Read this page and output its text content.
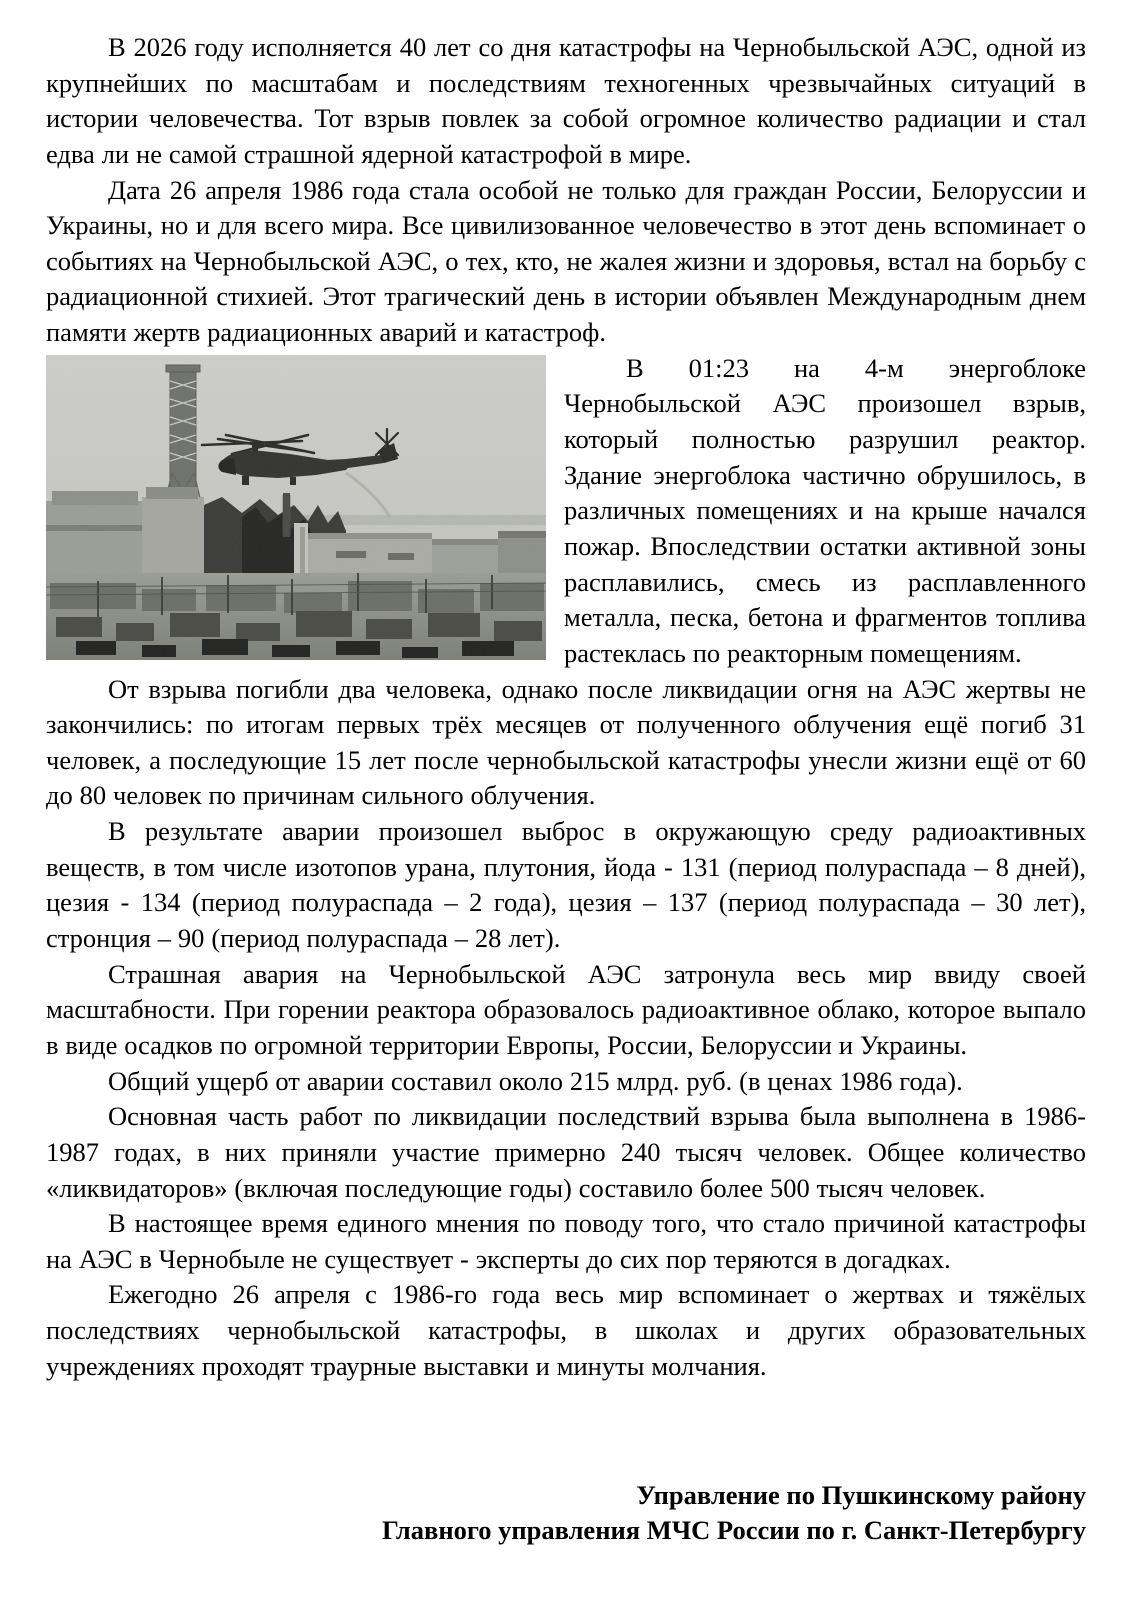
В 2026 году исполняется 40 лет со дня катастрофы на Чернобыльской АЭС, одной из крупнейших по масштабам и последствиям техногенных чрезвычайных ситуаций в истории человечества. Тот взрыв повлек за собой огромное количество радиации и стал едва ли не самой страшной ядерной катастрофой в мире.

Дата 26 апреля 1986 года стала особой не только для граждан России, Белоруссии и Украины, но и для всего мира. Все цивилизованное человечество в этот день вспоминает о событиях на Чернобыльской АЭС, о тех, кто, не жалея жизни и здоровья, встал на борьбу с радиационной стихией. Этот трагический день в истории объявлен Международным днем памяти жертв радиационных аварий и катастроф.

В 01:23 на 4-м энергоблоке Чернобыльской АЭС произошел взрыв, который полностью разрушил реактор. Здание энергоблока частично обрушилось, в различных помещениях и на крыше начался пожар. Впоследствии остатки активной зоны расплавились, смесь из расплавленного металла, песка, бетона и фрагментов топлива растеклась по реакторным помещениям.

От взрыва погибли два человека, однако после ликвидации огня на АЭС жертвы не закончились: по итогам первых трёх месяцев от полученного облучения ещё погиб 31 человек, а последующие 15 лет после чернобыльской катастрофы унесли жизни ещё от 60 до 80 человек по причинам сильного облучения.

В результате аварии произошел выброс в окружающую среду радиоактивных веществ, в том числе изотопов урана, плутония, йода - 131 (период полураспада – 8 дней), цезия - 134 (период полураспада – 2 года), цезия – 137 (период полураспада – 30 лет), стронция – 90 (период полураспада – 28 лет).

Страшная авария на Чернобыльской АЭС затронула весь мир ввиду своей масштабности. При горении реактора образовалось радиоактивное облако, которое выпало в виде осадков по огромной территории Европы, России, Белоруссии и Украины.

Общий ущерб от аварии составил около 215 млрд. руб. (в ценах 1986 года).

Основная часть работ по ликвидации последствий взрыва была выполнена в 1986-1987 годах, в них приняли участие примерно 240 тысяч человек. Общее количество «ликвидаторов» (включая последующие годы) составило более 500 тысяч человек.

В настоящее время единого мнения по поводу того, что стало причиной катастрофы на АЭС в Чернобыле не существует - эксперты до сих пор теряются в догадках.

Ежегодно 26 апреля с 1986-го года весь мир вспоминает о жертвах и тяжёлых последствиях чернобыльской катастрофы, в школах и других образовательных учреждениях проходят траурные выставки и минуты молчания.

Управление по Пушкинскому району
Главного управления МЧС России по г. Санкт-Петербургу
